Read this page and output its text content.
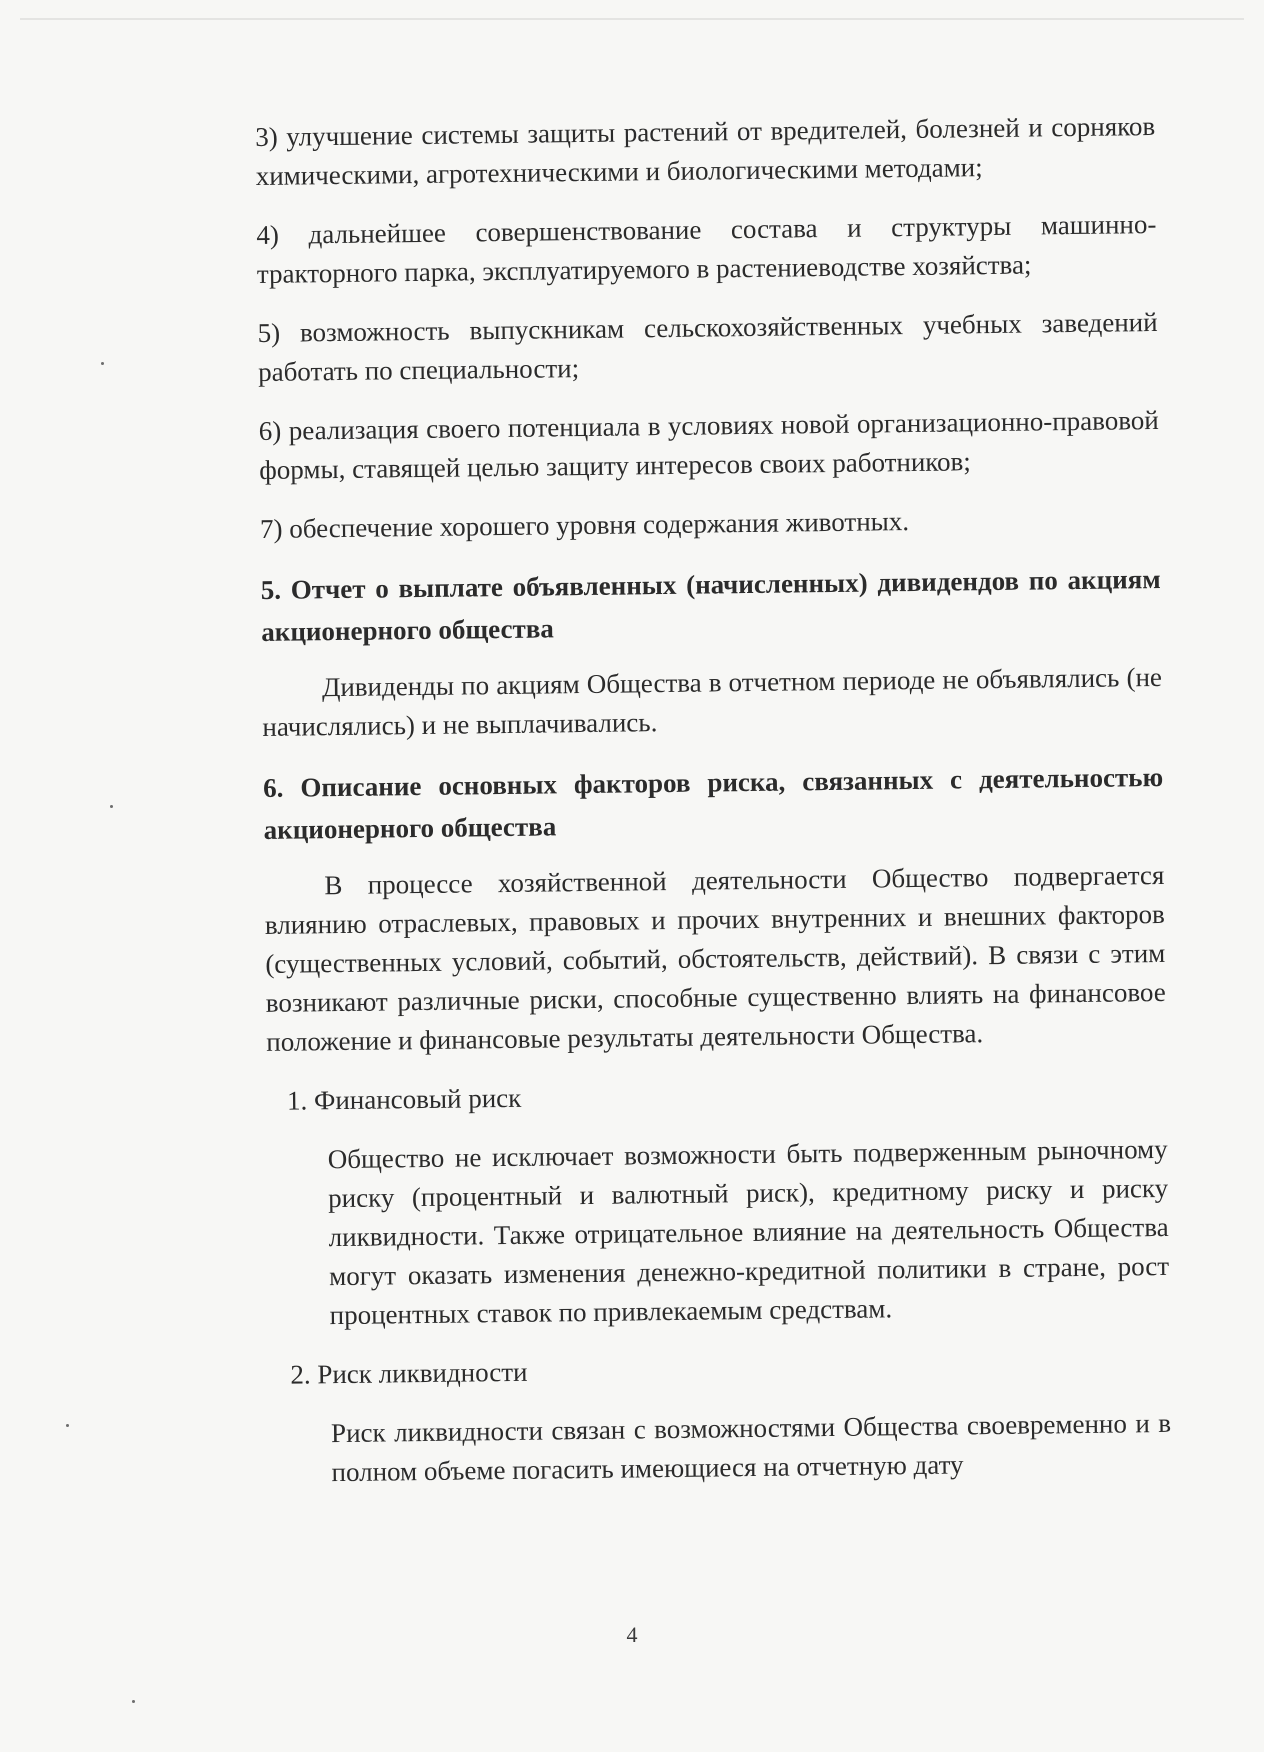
3) улучшение системы защиты растений от вредителей, болезней и сорняков химическими, агротехническими и биологическими методами;

4) дальнейшее совершенствование состава и структуры машинно-тракторного парка, эксплуатируемого в растениеводстве хозяйства;

5) возможность выпускникам сельскохозяйственных учебных заведений работать по специальности;

6) реализация своего потенциала в условиях новой организационно-правовой формы, ставящей целью защиту интересов своих работников;

7) обеспечение хорошего уровня содержания животных.

5. Отчет о выплате объявленных (начисленных) дивидендов по акциям акционерного общества

Дивиденды по акциям Общества в отчетном периоде не объявлялись (не начислялись) и не выплачивались.

6. Описание основных факторов риска, связанных с деятельностью акционерного общества

В процессе хозяйственной деятельности Общество подвергается влиянию отраслевых, правовых и прочих внутренних и внешних факторов (существенных условий, событий, обстоятельств, действий). В связи с этим возникают различные риски, способные существенно влиять на финансовое положение и финансовые результаты деятельности Общества.

1. Финансовый риск

Общество не исключает возможности быть подверженным рыночному риску (процентный и валютный риск), кредитному риску и риску ликвидности. Также отрицательное влияние на деятельность Общества могут оказать изменения денежно-кредитной политики в стране, рост процентных ставок по привлекаемым средствам.

2. Риск ликвидности

Риск ликвидности связан с возможностями Общества своевременно и в полном объеме погасить имеющиеся на отчетную дату

4
